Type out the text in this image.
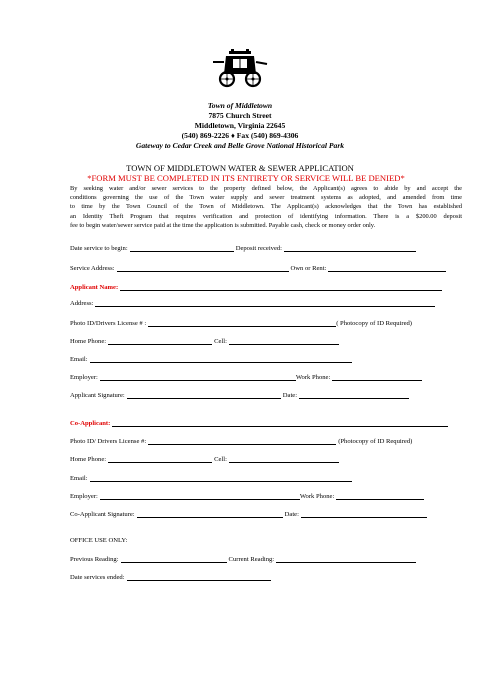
Town of Middletown
7875 Church Street
Middletown, Virginia 22645
(540) 869-2226 ♦ Fax (540) 869-4306
Gateway to Cedar Creek and Belle Grove National Historical Park
TOWN OF MIDDLETOWN WATER & SEWER APPLICATION
*FORM MUST BE COMPLETED IN ITS ENTIRETY OR SERVICE WILL BE DENIED*
By seeking water and/or sewer services to the property defined below, the Applicant(s) agrees to abide by and accept the
conditions governing the use of the Town water supply and sewer treatment systems as adopted, and amended from time
to time by the Town Council of the Town of Middletown. The Applicant(s) acknowledges that the Town has established
an Identity Theft Program that requires verification and protection of identifying information. There is a $200.00 deposit
fee to begin water/sewer service paid at the time the application is submitted. Payable cash, check or money order only.
Date service to begin:	Deposit received:
Service Address:	Own or Rent:
Applicant Name:
Address:
Photo ID/Drivers License # :	( Photocopy of ID Required)
Home Phone:	Cell:
Email:
Employer:	Work Phone:
Applicant Signature:	Date:
Co-Applicant:
Photo ID/ Drivers License #:	(Photocopy of ID Required)
Home Phone:	Cell:
Email:
Employer:	Work Phone:
Co-Applicant Signature:	Date:
OFFICE USE ONLY:
Previous Reading:	Current Reading:
Date services ended:
